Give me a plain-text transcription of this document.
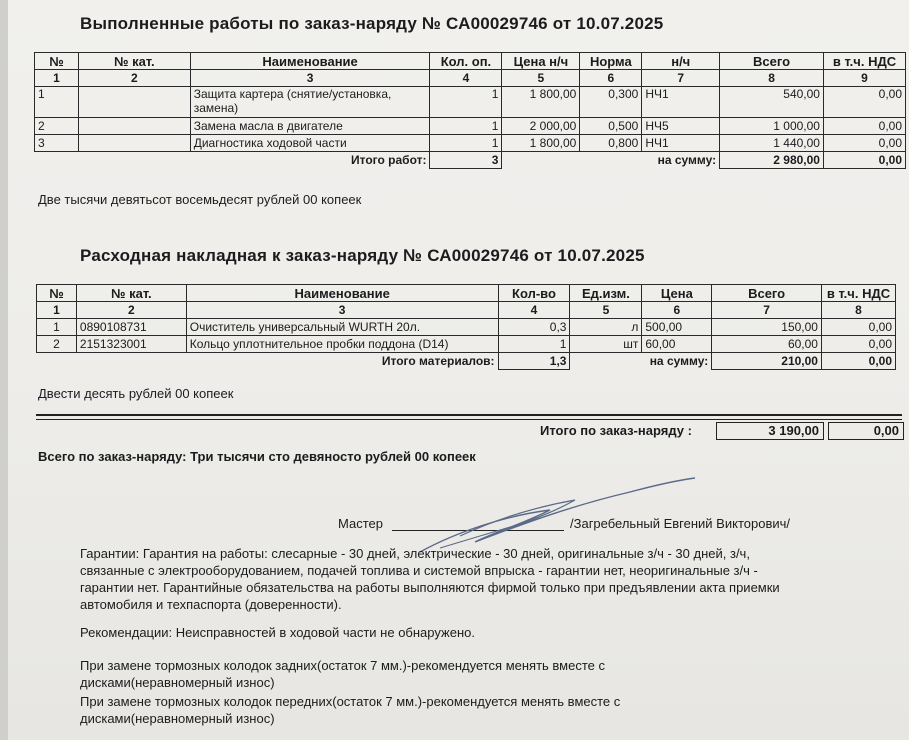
Выполненные работы по заказ-наряду № СА00029746 от 10.07.2025
№	№ кат.	Наименование	Кол. оп.	Цена н/ч	Норма	н/ч	Всего	в т.ч. НДС
1	2	3	4	5	6	7	8	9
1		Защита картера (снятие/установка, замена)	1	1 800,00	0,300	НЧ1	540,00	0,00
2		Замена масла в двигателе	1	2 000,00	0,500	НЧ5	1 000,00	0,00
3		Диагностика ходовой части	1	1 800,00	0,800	НЧ1	1 440,00	0,00
Итого работ:			3	на сумму:			2 980,00	0,00

Две тысячи девятьсот восемьдесят рублей 00 копеек

Расходная накладная к заказ-наряду № СА00029746 от 10.07.2025
№	№ кат.	Наименование	Кол-во	Ед.изм.	Цена	Всего	в т.ч. НДС
1	2	3	4	5	6	7	8
1	0890108731	Очиститель универсальный WURTH 20л.	0,3	л	500,00	150,00	0,00
2	2151323001	Кольцо уплотнительное пробки поддона (D14)	1	шт	60,00	60,00	0,00
Итого материалов:			1,3	на сумму:		210,00	0,00

Двести десять рублей 00 копеек

Итого по заказ-наряду :	3 190,00	0,00

Всего по заказ-наряду: Три тысячи сто девяносто рублей 00 копеек

Мастер	/Загребельный Евгений Викторович/

Гарантии: Гарантия на работы: слесарные - 30 дней, электрические - 30 дней, оригинальные з/ч - 30 дней, з/ч, связанные с электрооборудованием, подачей топлива и системой впрыска - гарантии нет, неоригинальные з/ч - гарантии нет. Гарантийные обязательства на работы выполняются фирмой только при предъявлении акта приемки автомобиля и техпаспорта (доверенности).

Рекомендации: Неисправностей в ходовой части не обнаружено.

При замене тормозных колодок задних(остаток 7 мм.)-рекомендуется менять вместе с дисками(неравномерный износ)

При замене тормозных колодок передних(остаток 7 мм.)-рекомендуется менять вместе с дисками(неравномерный износ)
